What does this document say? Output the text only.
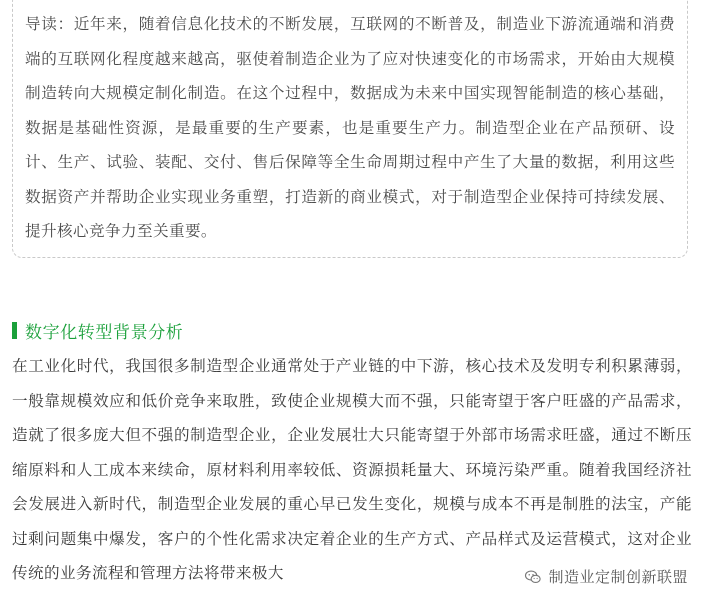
导读：近年来，随着信息化技术的不断发展，互联网的不断普及，制造业下游流通端和消费端的互联网化程度越来越高，驱使着制造企业为了应对快速变化的市场需求，开始由大规模制造转向大规模定制化制造。在这个过程中，数据成为未来中国实现智能制造的核心基础，数据是基础性资源，是最重要的生产要素，也是重要生产力。制造型企业在产品预研、设计、生产、试验、装配、交付、售后保障等全生命周期过程中产生了大量的数据，利用这些数据资产并帮助企业实现业务重塑，打造新的商业模式，对于制造型企业保持可持续发展、提升核心竞争力至关重要。

数字化转型背景分析

在工业化时代，我国很多制造型企业通常处于产业链的中下游，核心技术及发明专利积累薄弱，一般靠规模效应和低价竞争来取胜，致使企业规模大而不强，只能寄望于客户旺盛的产品需求，造就了很多庞大但不强的制造型企业，企业发展壮大只能寄望于外部市场需求旺盛，通过不断压缩原料和人工成本来续命，原材料利用率较低、资源损耗量大、环境污染严重。随着我国经济社会发展进入新时代，制造型企业发展的重心早已发生变化，规模与成本不再是制胜的法宝，产能过剩问题集中爆发，客户的个性化需求决定着企业的生产方式、产品样式及运营模式，这对企业传统的业务流程和管理方法将带来极大	制造业定制创新联盟
